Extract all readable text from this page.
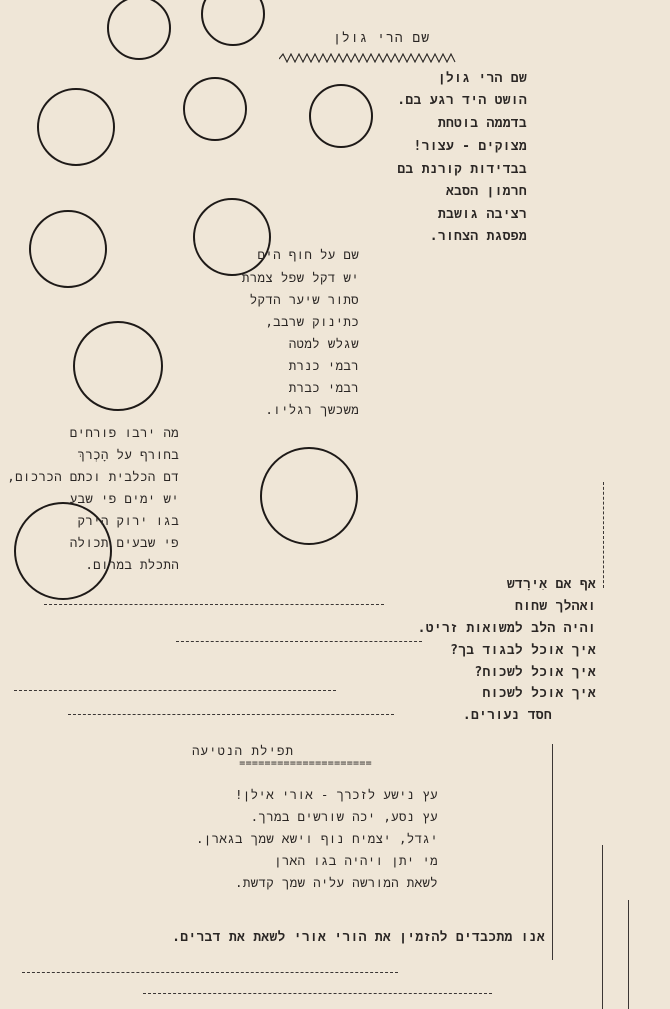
שם הרי גולן
שם הרי גולן
הושט היד רגע בם.
בדממה בוטחת
מצוקים - עצור!
בבדידות קורנת בם
חרמון הסבא
רציבה גושבת
מפסגת הצחור.
שם על חוף הים
יש דקל שפל צמרת
סתור שיער הדקל
כתינוק שרבב,
שגלש למטה
רבמי כנרת
רבמי כברת
משכשך רגליו.
מה ירבו פורחים
בחורף על הָכְרךְ
דם הכלבית וכתם הכרכום,
יש ימים פי שבע
בגו ירוק הירק
פי שבעים תכולה
התכלת במרום.
אף אם אִירָדש
ואהלך שחוח
והיה הלב למשואות זריט.
איך אוכל לבגוד בך?
איך אוכל לשכוח?
איך אוכל לשכוח
חסד נעורים.
תפילת הנטיעה
=====================
עץ נישע לזכרך - אורי אילן!
עץ נסע, יכה שורשים במרך.
יגדל, יצמיח נוף וישא שמך בגארן.
מי יתן ויהיה בגו הארן
לשאת המורשה עליה שמך קדשת.
אנו מתכבדים להזמין את הורי אורי לשאת את דברים.
